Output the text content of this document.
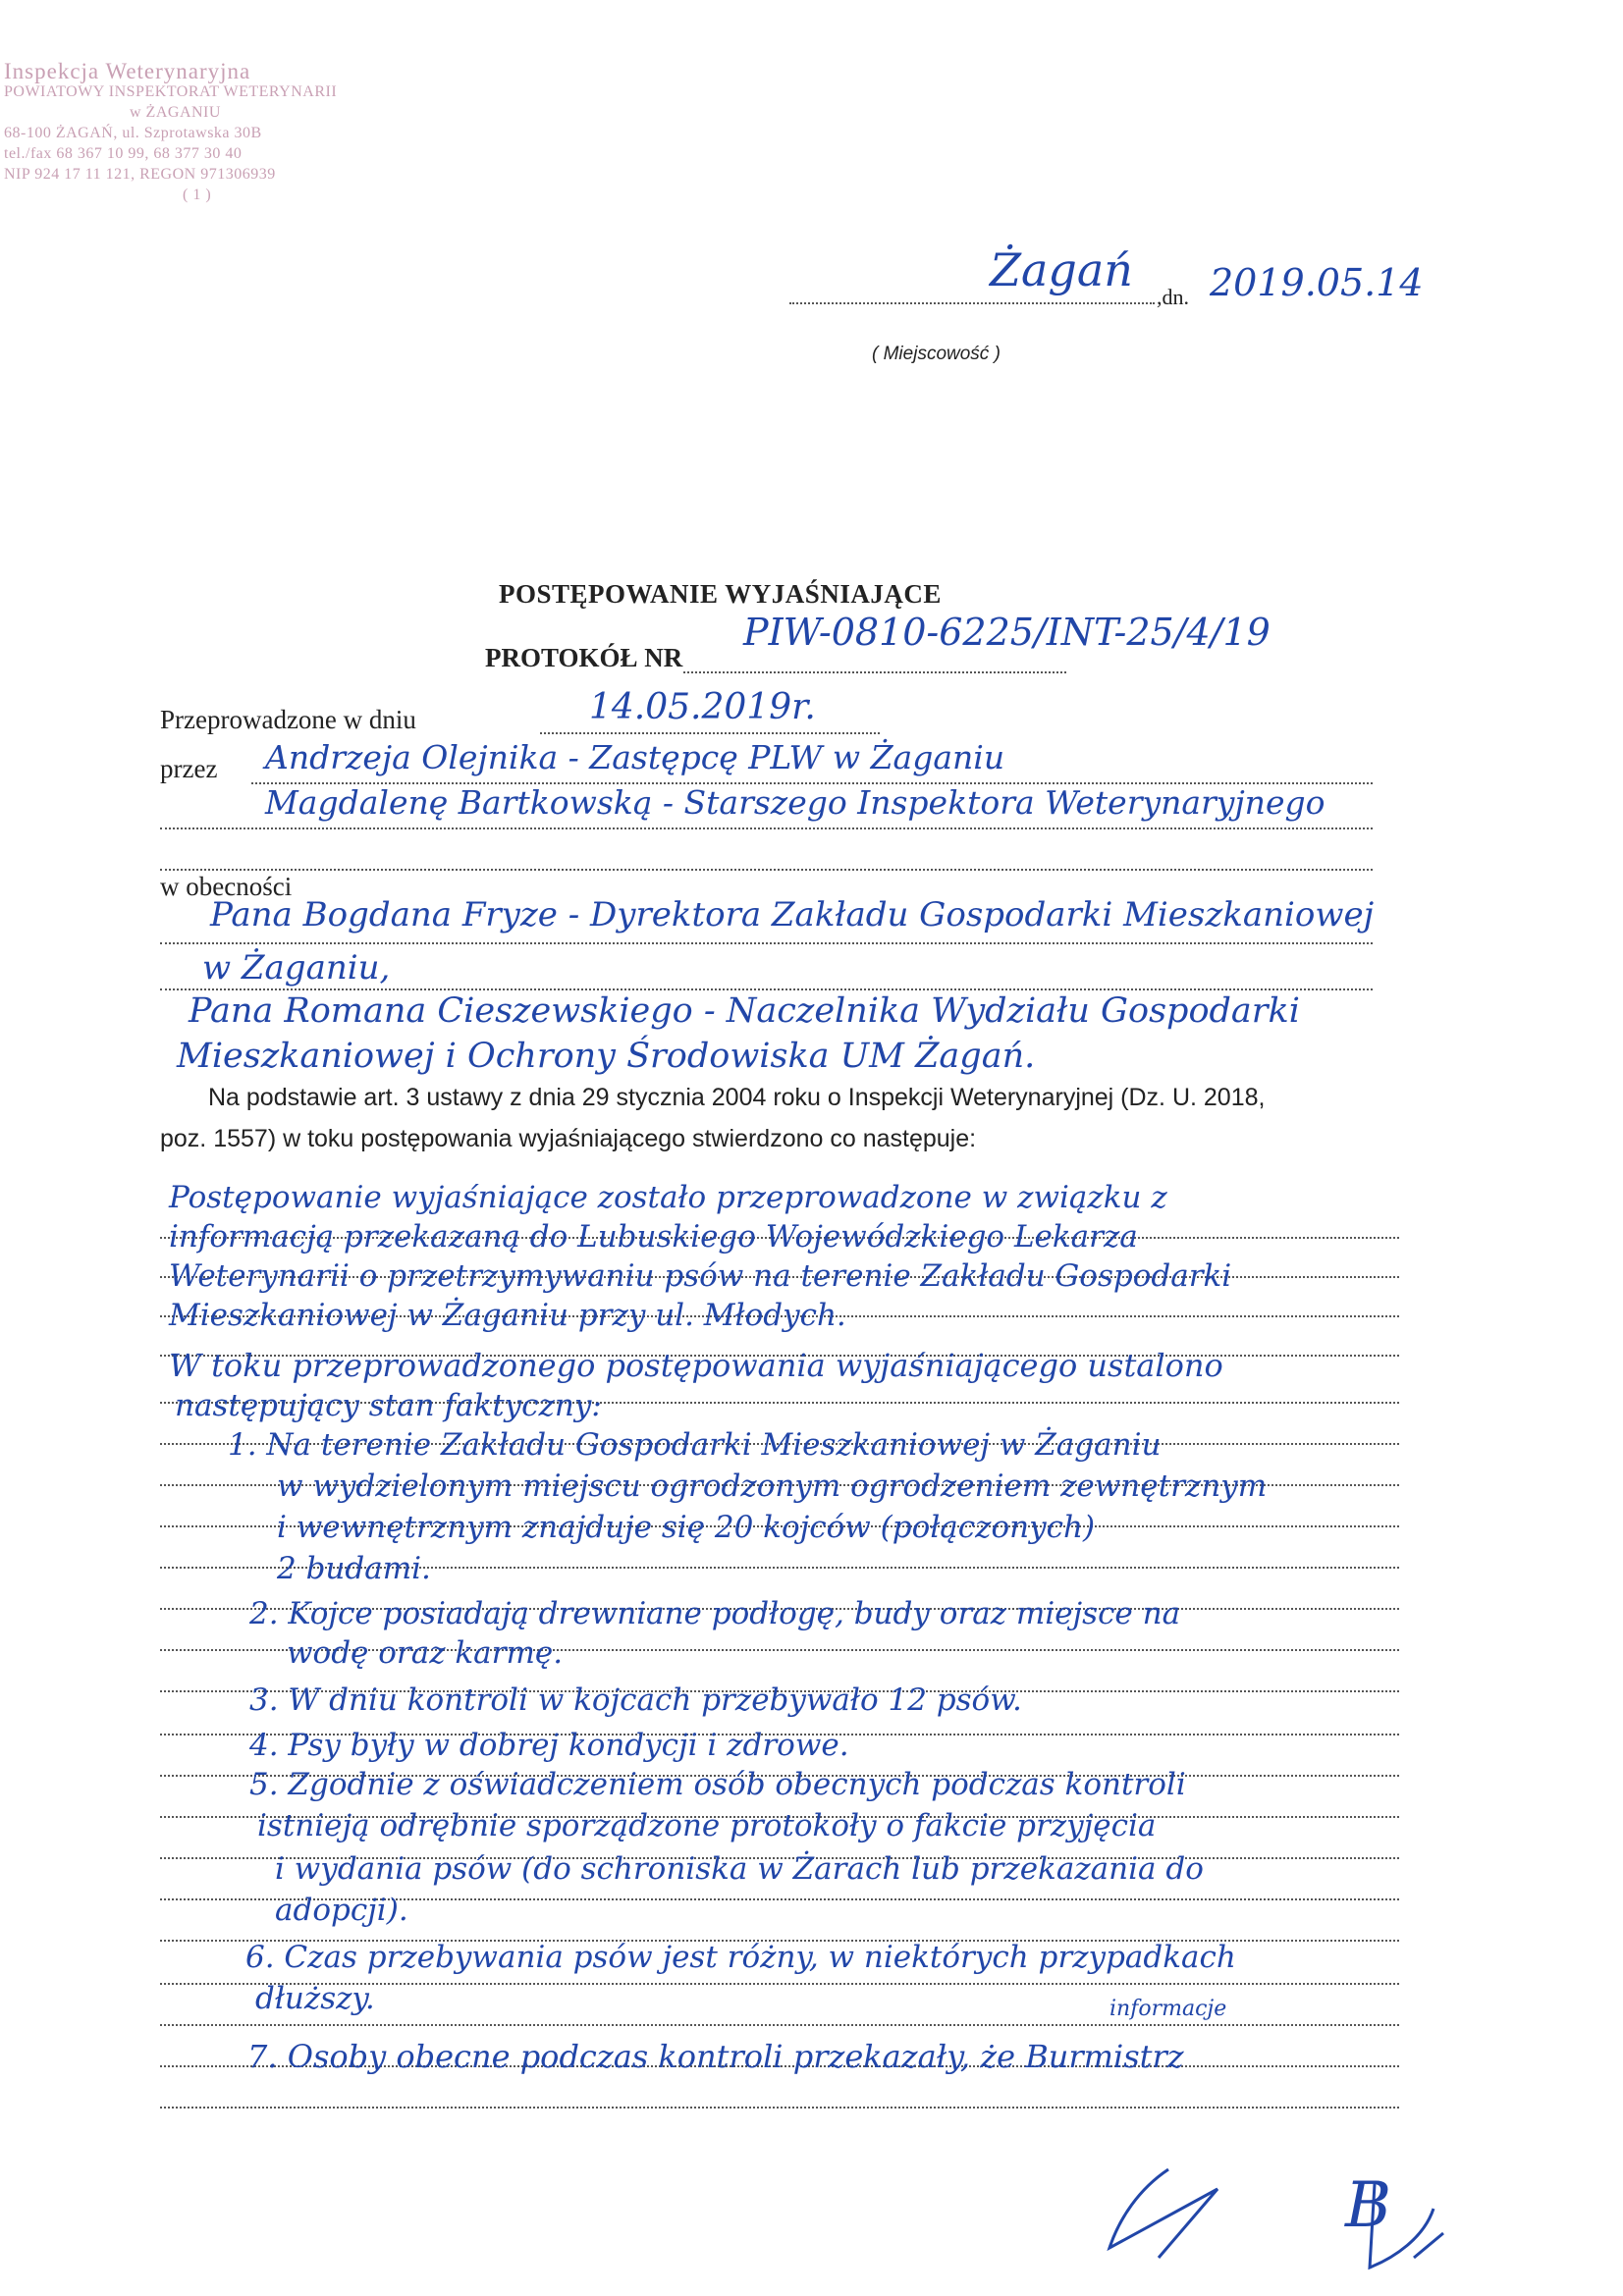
Inspekcja Weterynaryjna
POWIATOWY INSPEKTORAT WETERYNARII
w ŻAGANIU
68-100 ŻAGAŃ, ul. Szprotawska 30B
tel./fax 68 367 10 99, 68 377 30 40
NIP 924 17 11 121, REGON 971306939
( 1 )
Żagań
,dn. 2019.05.14
( Miejscowość )
POSTĘPOWANIE WYJAŚNIAJĄCE
PROTOKÓŁ NR
PIW-0810-6225/INT-25/4/19
Przeprowadzone w dniu	14.05.2019r.
przez Andrzeja Olejnika - Zastępcę PLW w Żaganiu
Magdalenę Bartkowską - Starszego Inspektora Weterynaryjnego
w obecności
Pana Bogdana Fryze - Dyrektora Zakładu Gospodarki Mieszkaniowej
w Żaganiu,
Pana Romana Cieszewskiego - Naczelnika Wydziału Gospodarki
Mieszkaniowej i Ochrony Środowiska UM Żagań.
Na podstawie art. 3 ustawy z dnia 29 stycznia 2004 roku o Inspekcji Weterynaryjnej (Dz. U. 2018,
poz. 1557) w toku postępowania wyjaśniającego stwierdzono co następuje:
Postępowanie wyjaśniające zostało przeprowadzone w związku z
informacją przekazaną do Lubuskiego Wojewódzkiego Lekarza
Weterynarii o przetrzymywaniu psów na terenie Zakładu Gospodarki
Mieszkaniowej w Żaganiu przy ul. Młodych.
W toku przeprowadzonego postępowania wyjaśniającego ustalono
następujący stan faktyczny:
1. Na terenie Zakładu Gospodarki Mieszkaniowej w Żaganiu
w wydzielonym miejscu ogrodzonym ogrodzeniem zewnętrznym
i wewnętrznym znajduje się 20 kojców (połączonych)
2 budami.
2. Kojce posiadają drewniane podłogę, budy oraz miejsce na
wodę oraz karmę.
3. W dniu kontroli w kojcach przebywało 12 psów.
4. Psy były w dobrej kondycji i zdrowe.
5. Zgodnie z oświadczeniem osób obecnych podczas kontroli
istnieją odrębnie sporządzone protokoły o fakcie przyjęcia
i wydania psów (do schroniska w Żarach lub przekazania do
adopcji).
6. Czas przebywania psów jest różny, w niektórych przypadkach
dłuższy.	informacje
7. Osoby obecne podczas kontroli przekazały, że Burmistrz
B
